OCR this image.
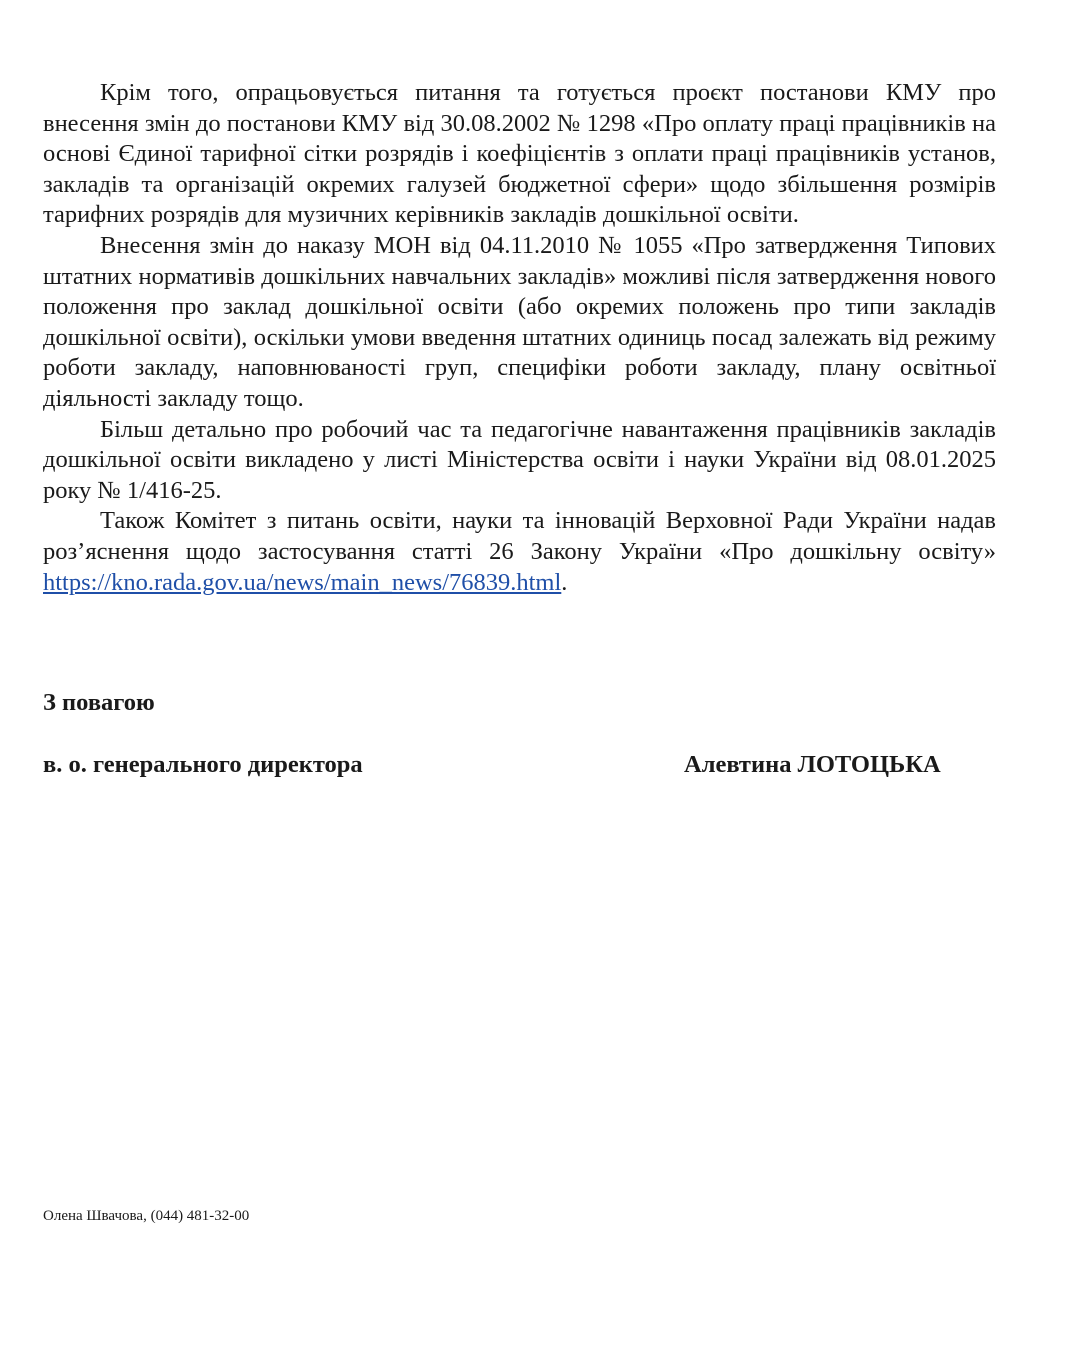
Крім того, опрацьовується питання та готується проєкт постанови КМУ про внесення змін до постанови КМУ від 30.08.2002 № 1298 «Про оплату праці працівників на основі Єдиної тарифної сітки розрядів і коефіцієнтів з оплати праці працівників установ, закладів та організацій окремих галузей бюджетної сфери» щодо збільшення розмірів тарифних розрядів для музичних керівників закладів дошкільної освіти.

Внесення змін до наказу МОН від 04.11.2010 № 1055 «Про затвердження Типових штатних нормативів дошкільних навчальних закладів» можливі після затвердження нового положення про заклад дошкільної освіти (або окремих положень про типи закладів дошкільної освіти), оскільки умови введення штатних одиниць посад залежать від режиму роботи закладу, наповнюваності груп, специфіки роботи закладу, плану освітньої діяльності закладу тощо.

Більш детально про робочий час та педагогічне навантаження працівників закладів дошкільної освіти викладено у листі Міністерства освіти і науки України від 08.01.2025 року № 1/416-25.

Також Комітет з питань освіти, науки та інновацій Верховної Ради України надав роз’яснення щодо застосування статті 26 Закону України «Про дошкільну освіту» https://kno.rada.gov.ua/news/main_news/76839.html.

З повагою

в. о. генерального директора	Алевтина ЛОТОЦЬКА

Олена Швачова, (044) 481-32-00
